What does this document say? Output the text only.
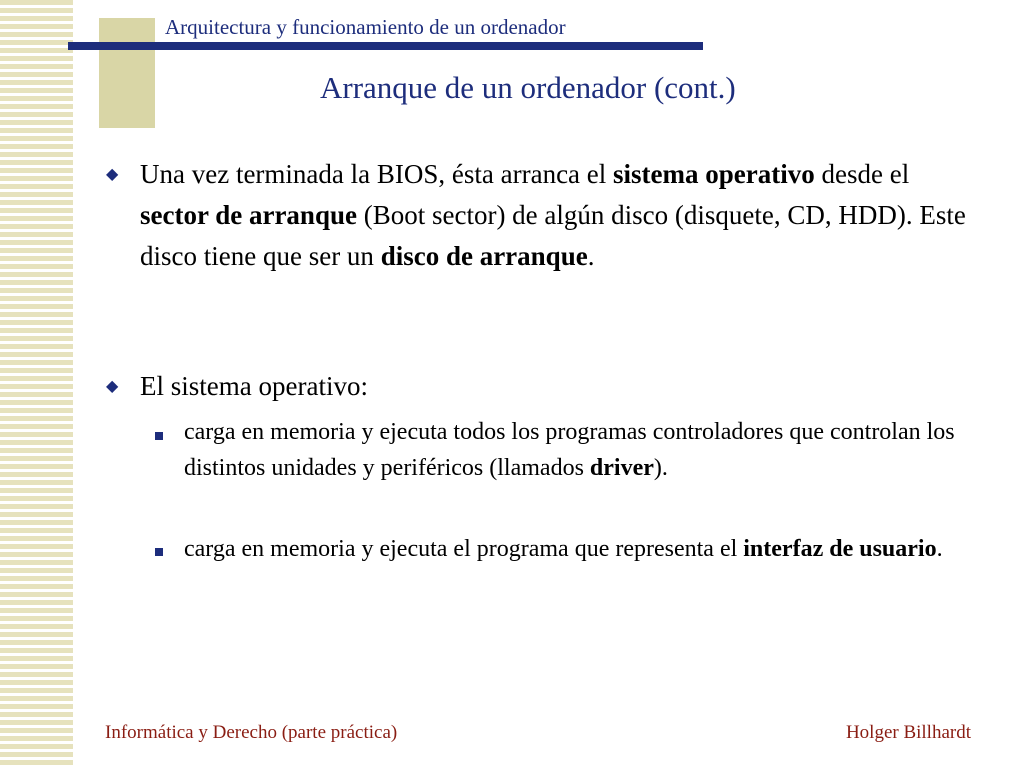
Arquitectura y funcionamiento de un ordenador
Arranque de un ordenador (cont.)
◆ Una vez terminada la BIOS, ésta arranca el sistema operativo desde el sector de arranque (Boot sector) de algún disco (disquete, CD, HDD). Este disco tiene que ser un disco de arranque.
◆ El sistema operativo:
carga en memoria y ejecuta todos los programas controladores que controlan los distintos unidades y periféricos (llamados driver).
carga en memoria y ejecuta el programa que representa el interfaz de usuario.
Informática y Derecho (parte práctica)	Holger Billhardt
